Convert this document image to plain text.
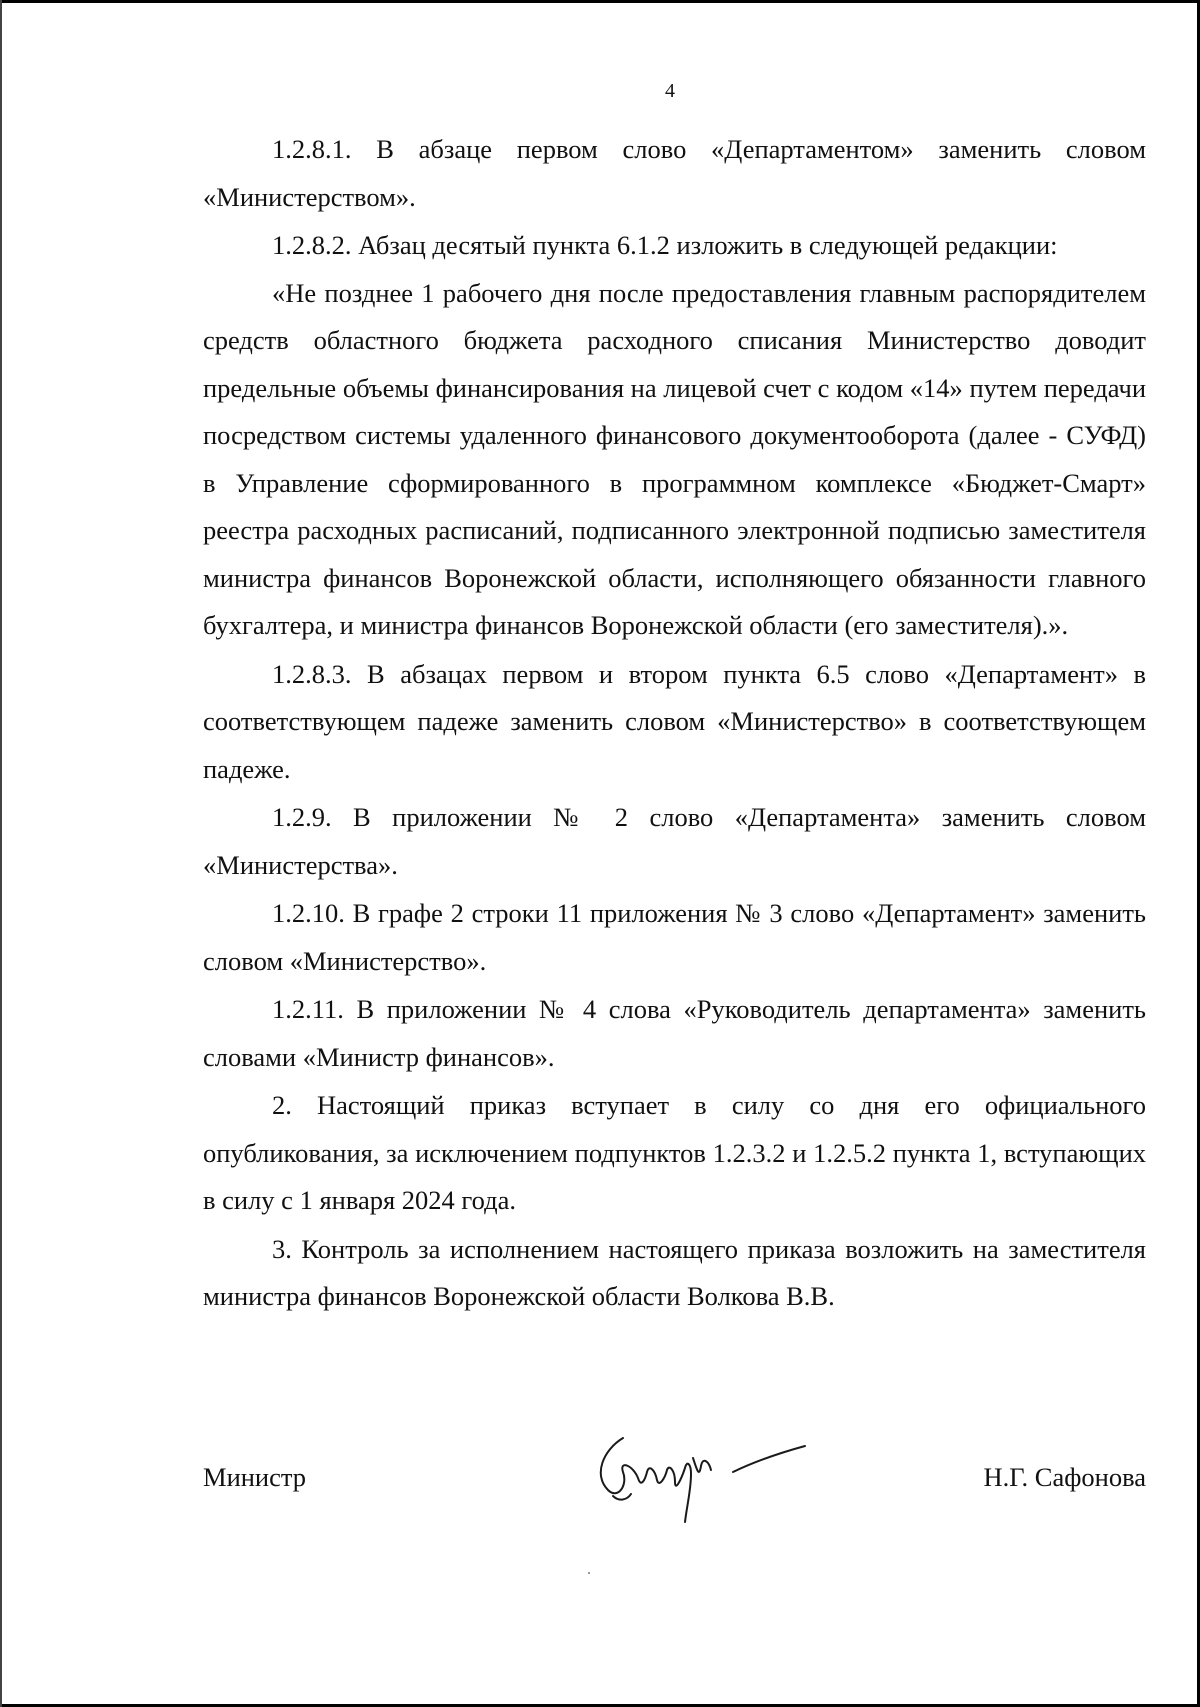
4

1.2.8.1. В абзаце первом слово «Департаментом» заменить словом «Министерством».

1.2.8.2. Абзац десятый пункта 6.1.2 изложить в следующей редакции:

«Не позднее 1 рабочего дня после предоставления главным распорядителем средств областного бюджета расходного списания Министерство доводит предельные объемы финансирования на лицевой счет с кодом «14» путем передачи посредством системы удаленного финансового документооборота (далее - СУФД) в Управление сформированного в программном комплексе «Бюджет-Смарт» реестра расходных расписаний, подписанного электронной подписью заместителя министра финансов Воронежской области, исполняющего обязанности главного бухгалтера, и министра финансов Воронежской области (его заместителя).».

1.2.8.3. В абзацах первом и втором пункта 6.5 слово «Департамент» в соответствующем падеже заменить словом «Министерство» в соответствующем падеже.

1.2.9. В приложении № 2 слово «Департамента» заменить словом «Министерства».

1.2.10. В графе 2 строки 11 приложения № 3 слово «Департамент» заменить словом «Министерство».

1.2.11. В приложении № 4 слова «Руководитель департамента» заменить словами «Министр финансов».

2. Настоящий приказ вступает в силу со дня его официального опубликования, за исключением подпунктов 1.2.3.2 и 1.2.5.2 пункта 1, вступающих в силу с 1 января 2024 года.

3. Контроль за исполнением настоящего приказа возложить на заместителя министра финансов Воронежской области Волкова В.В.

Министр	Н.Г. Сафонова
